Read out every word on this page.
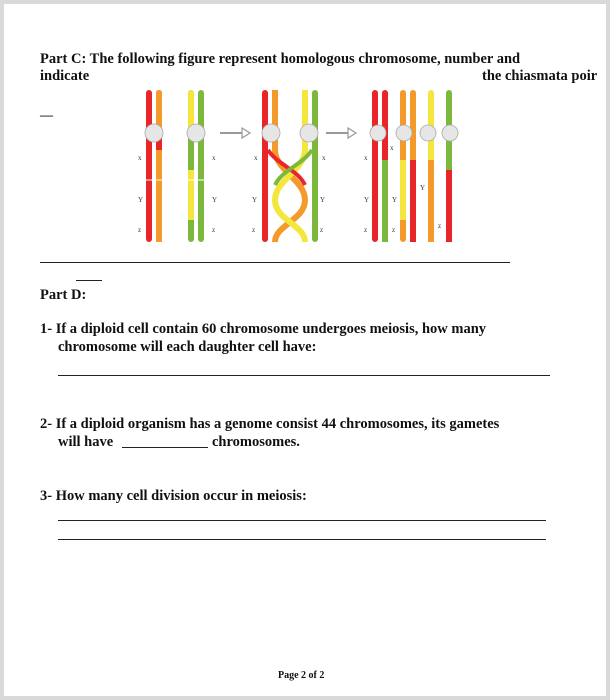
Part C: The following figure represent homologous chromosome, number and
indicate	the chiasmata poir
—
x	x	x	x	x
x
Y	Y	Y	Y	Y	Y
Y
z	z	z	z	z	z	z
Part D:
1- If a diploid cell contain 60 chromosome undergoes meiosis, how many
chromosome will each daughter cell have:
2- If a diploid organism has a genome consist 44 chromosomes, its gametes
will have	chromosomes.
3- How many cell division occur in meiosis:
Page 2 of 2
